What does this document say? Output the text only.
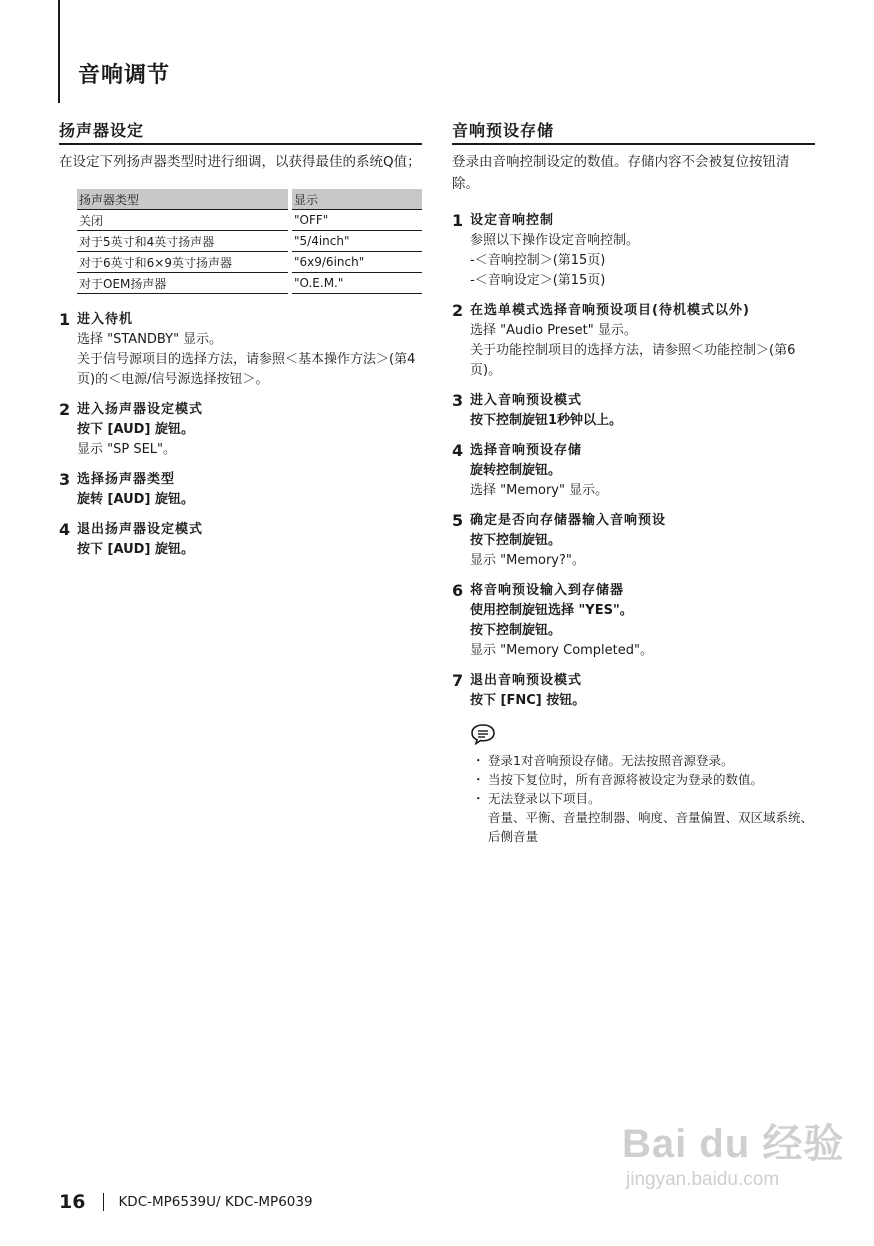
音响调节
扬声器设定

在设定下列扬声器类型时进行细调，以获得最佳的系统Q值；

扬声器类型		显示
关闭		"OFF"
对于5英寸和4英寸扬声器		"5/4inch"
对于6英寸和6×9英寸扬声器		"6x9/6inch"
对于OEM扬声器		"O.E.M."
1 进入待机
选择 "STANDBY" 显示。
关于信号源项目的选择方法，请参照＜基本操作方法＞(第4页)的＜电源/信号源选择按钮＞。
2 进入扬声器设定模式
按下 [AUD] 旋钮。
显示 "SP SEL"。
3 选择扬声器类型
旋转 [AUD] 旋钮。
4 退出扬声器设定模式
按下 [AUD] 旋钮。
音响预设存储

登录由音响控制设定的数值。存储内容不会被复位按钮清除。

1 设定音响控制
参照以下操作设定音响控制。
-＜音响控制＞(第15页)
-＜音响设定＞(第15页)
2 在选单模式选择音响预设项目(待机模式以外)
选择 "Audio Preset" 显示。
关于功能控制项目的选择方法，请参照＜功能控制＞(第6页)。
3 进入音响预设模式
按下控制旋钮1秒钟以上。
4 选择音响预设存储
旋转控制旋钮。
选择 "Memory" 显示。
5 确定是否向存储器输入音响预设
按下控制旋钮。
显示 "Memory?"。
6 将音响预设输入到存储器
使用控制旋钮选择 "YES"。
按下控制旋钮。
显示 "Memory Completed"。
7 退出音响预设模式
按下 [FNC] 按钮。
・ 登录1对音响预设存储。无法按照音源登录。
・ 当按下复位时，所有音源将被设定为登录的数值。
・ 无法登录以下项目。
音量、平衡、音量控制器、响度、音量偏置、双区域系统、后侧音量
16 KDC-MP6539U/ KDC-MP6039
Bai du 经验
jingyan.baidu.com
